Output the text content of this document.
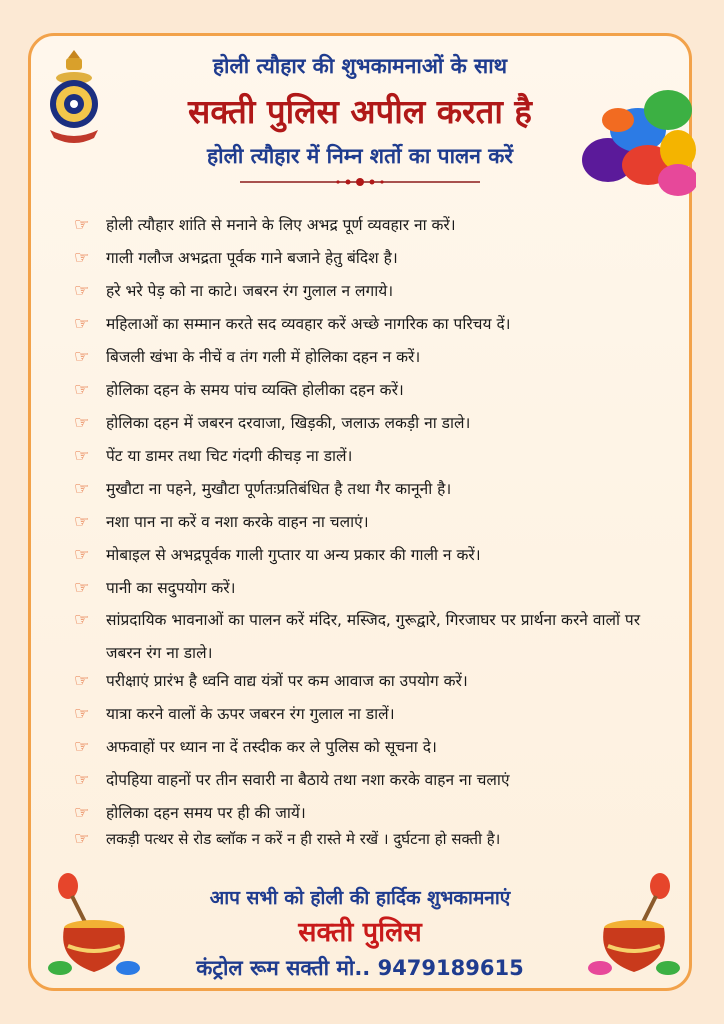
होली त्यौहार की शुभकामनाओं के साथ
सक्ती पुलिस अपील करता है
होली त्यौहार में निम्न शर्तो का पालन करें
☞	होली त्यौहार शांति से मनाने के लिए अभद्र पूर्ण व्यवहार ना करें।
☞	गाली गलौज अभद्रता पूर्वक गाने बजाने हेतु बंदिश है।
☞	हरे भरे पेड़ को ना काटे। जबरन रंग गुलाल न लगाये।
☞	महिलाओं का सम्मान करते सद व्यवहार करें अच्छे नागरिक का परिचय दें।
☞	बिजली खंभा के नीचें व तंग गली में होलिका दहन न करें।
☞	होलिका दहन के समय पांच व्यक्ति होलीका दहन करें।
☞	होलिका दहन में जबरन दरवाजा, खिड़की, जलाऊ लकड़ी ना डाले।
☞	पेंट या डामर तथा चिट गंदगी कीचड़ ना डालें।
☞	मुखौटा ना पहने, मुखौटा पूर्णतःप्रतिबंधित है तथा गैर कानूनी है।
☞	नशा पान ना करें व नशा करके वाहन ना चलाएं।
☞	मोबाइल से अभद्रपूर्वक गाली गुप्तार या अन्य प्रकार की गाली न करें।
☞	पानी का सदुपयोग करें।
☞	सांप्रदायिक भावनाओं का पालन करें मंदिर, मस्जिद, गुरूद्वारे, गिरजाघर पर प्रार्थना करने वालों पर जबरन रंग ना डाले।
☞	परीक्षाएं प्रारंभ है ध्वनि वाद्य यंत्रों पर कम आवाज का उपयोग करें।
☞	यात्रा करने वालों के ऊपर जबरन रंग गुलाल ना डालें।
☞	अफवाहों पर ध्यान ना दें तस्दीक कर ले पुलिस को सूचना दे।
☞	दोपहिया वाहनों पर तीन सवारी ना बैठाये तथा नशा करके वाहन ना चलाएं
☞	होलिका दहन समय पर ही की जायें।
☞	लकड़ी पत्थर से रोड ब्लॉक न करें न ही रास्ते मे रखें । दुर्घटना हो सक्ती है।
आप सभी को होली की हार्दिक शुभकामनाएं
सक्ती पुलिस
कंट्रोल रूम सक्ती मो.. 9479189615
